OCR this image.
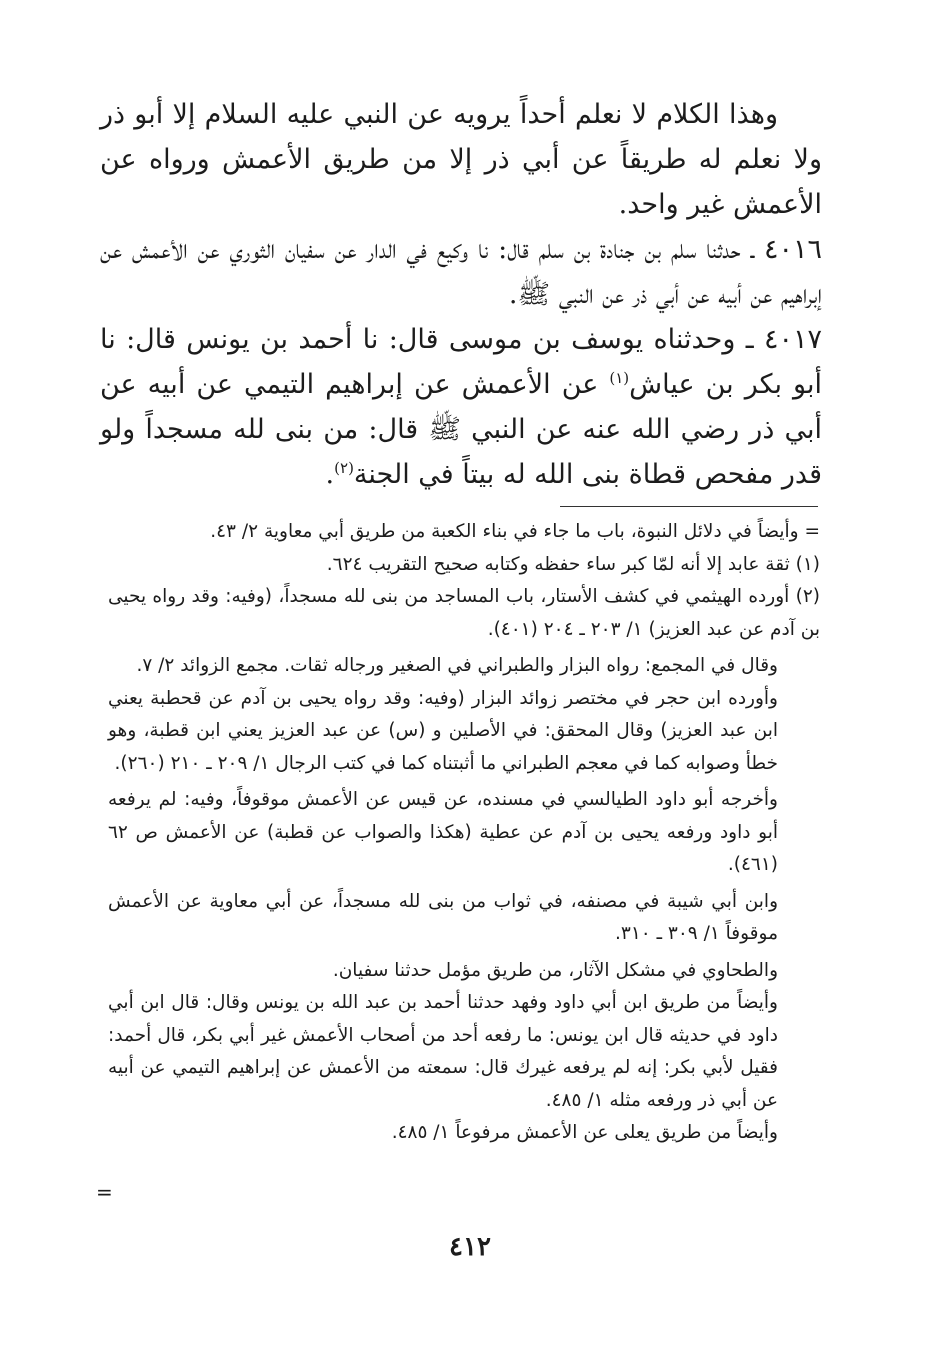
وهذا الكلام لا نعلم أحداً يرويه عن النبي عليه السلام إلا أبو ذر ولا نعلم له طريقاً عن أبي ذر إلا من طريق الأعمش ورواه عن الأعمش غير واحد.

٤٠١٦ ـ حدثنا سلم بن جنادة بن سلم قال: نا وكيع في الدار عن سفيان الثوري عن الأعمش عن إبراهيم عن أبيه عن أبي ذر عن النبي ﷺ.

٤٠١٧ ـ وحدثناه يوسف بن موسى قال: نا أحمد بن يونس قال: نا أبو بكر بن عياش$^{(١)}$ عن الأعمش عن إبراهيم التيمي عن أبيه عن أبي ذر رضي الله عنه عن النبي ﷺ قال: من بنى لله مسجداً ولو قدر مفحص قطاة بنى الله له بيتاً في الجنة$^{(٢)}$.

= وأيضاً في دلائل النبوة، باب ما جاء في بناء الكعبة من طريق أبي معاوية ٢/ ٤٣.

(١) ثقة عابد إلا أنه لمّا كبر ساء حفظه وكتابه صحيح التقريب ٦٢٤.

(٢) أورده الهيثمي في كشف الأستار، باب المساجد من بنى لله مسجداً، (وفيه: وقد رواه يحيى بن آدم عن عبد العزيز) ١/ ٢٠٣ ـ ٢٠٤ (٤٠١).

وقال في المجمع: رواه البزار والطبراني في الصغير ورجاله ثقات. مجمع الزوائد ٢/ ٧.

وأورده ابن حجر في مختصر زوائد البزار (وفيه: وقد رواه يحيى بن آدم عن قحطبة يعني ابن عبد العزيز) وقال المحقق: في الأصلين و (س) عن عبد العزيز يعني ابن قطبة، وهو خطأ وصوابه كما في معجم الطبراني ما أثبتناه كما في كتب الرجال ١/ ٢٠٩ ـ ٢١٠ (٢٦٠).

وأخرجه أبو داود الطيالسي في مسنده، عن قيس عن الأعمش موقوفاً، وفيه: لم يرفعه أبو داود ورفعه يحيى بن آدم عن عطية (هكذا والصواب عن قطبة) عن الأعمش ص ٦٢ (٤٦١).

وابن أبي شيبة في مصنفه، في ثواب من بنى لله مسجداً، عن أبي معاوية عن الأعمش موقوفاً ١/ ٣٠٩ ـ ٣١٠.

والطحاوي في مشكل الآثار، من طريق مؤمل حدثنا سفيان.

وأيضاً من طريق ابن أبي داود وفهد حدثنا أحمد بن عبد الله بن يونس وقال: قال ابن أبي داود في حديثه قال ابن يونس: ما رفعه أحد من أصحاب الأعمش غير أبي بكر، قال أحمد: فقيل لأبي بكر: إنه لم يرفعه غيرك قال: سمعته من الأعمش عن إبراهيم التيمي عن أبيه عن أبي ذر ورفعه مثله ١/ ٤٨٥.

وأيضاً من طريق يعلى عن الأعمش مرفوعاً ١/ ٤٨٥.

=
٤١٢
